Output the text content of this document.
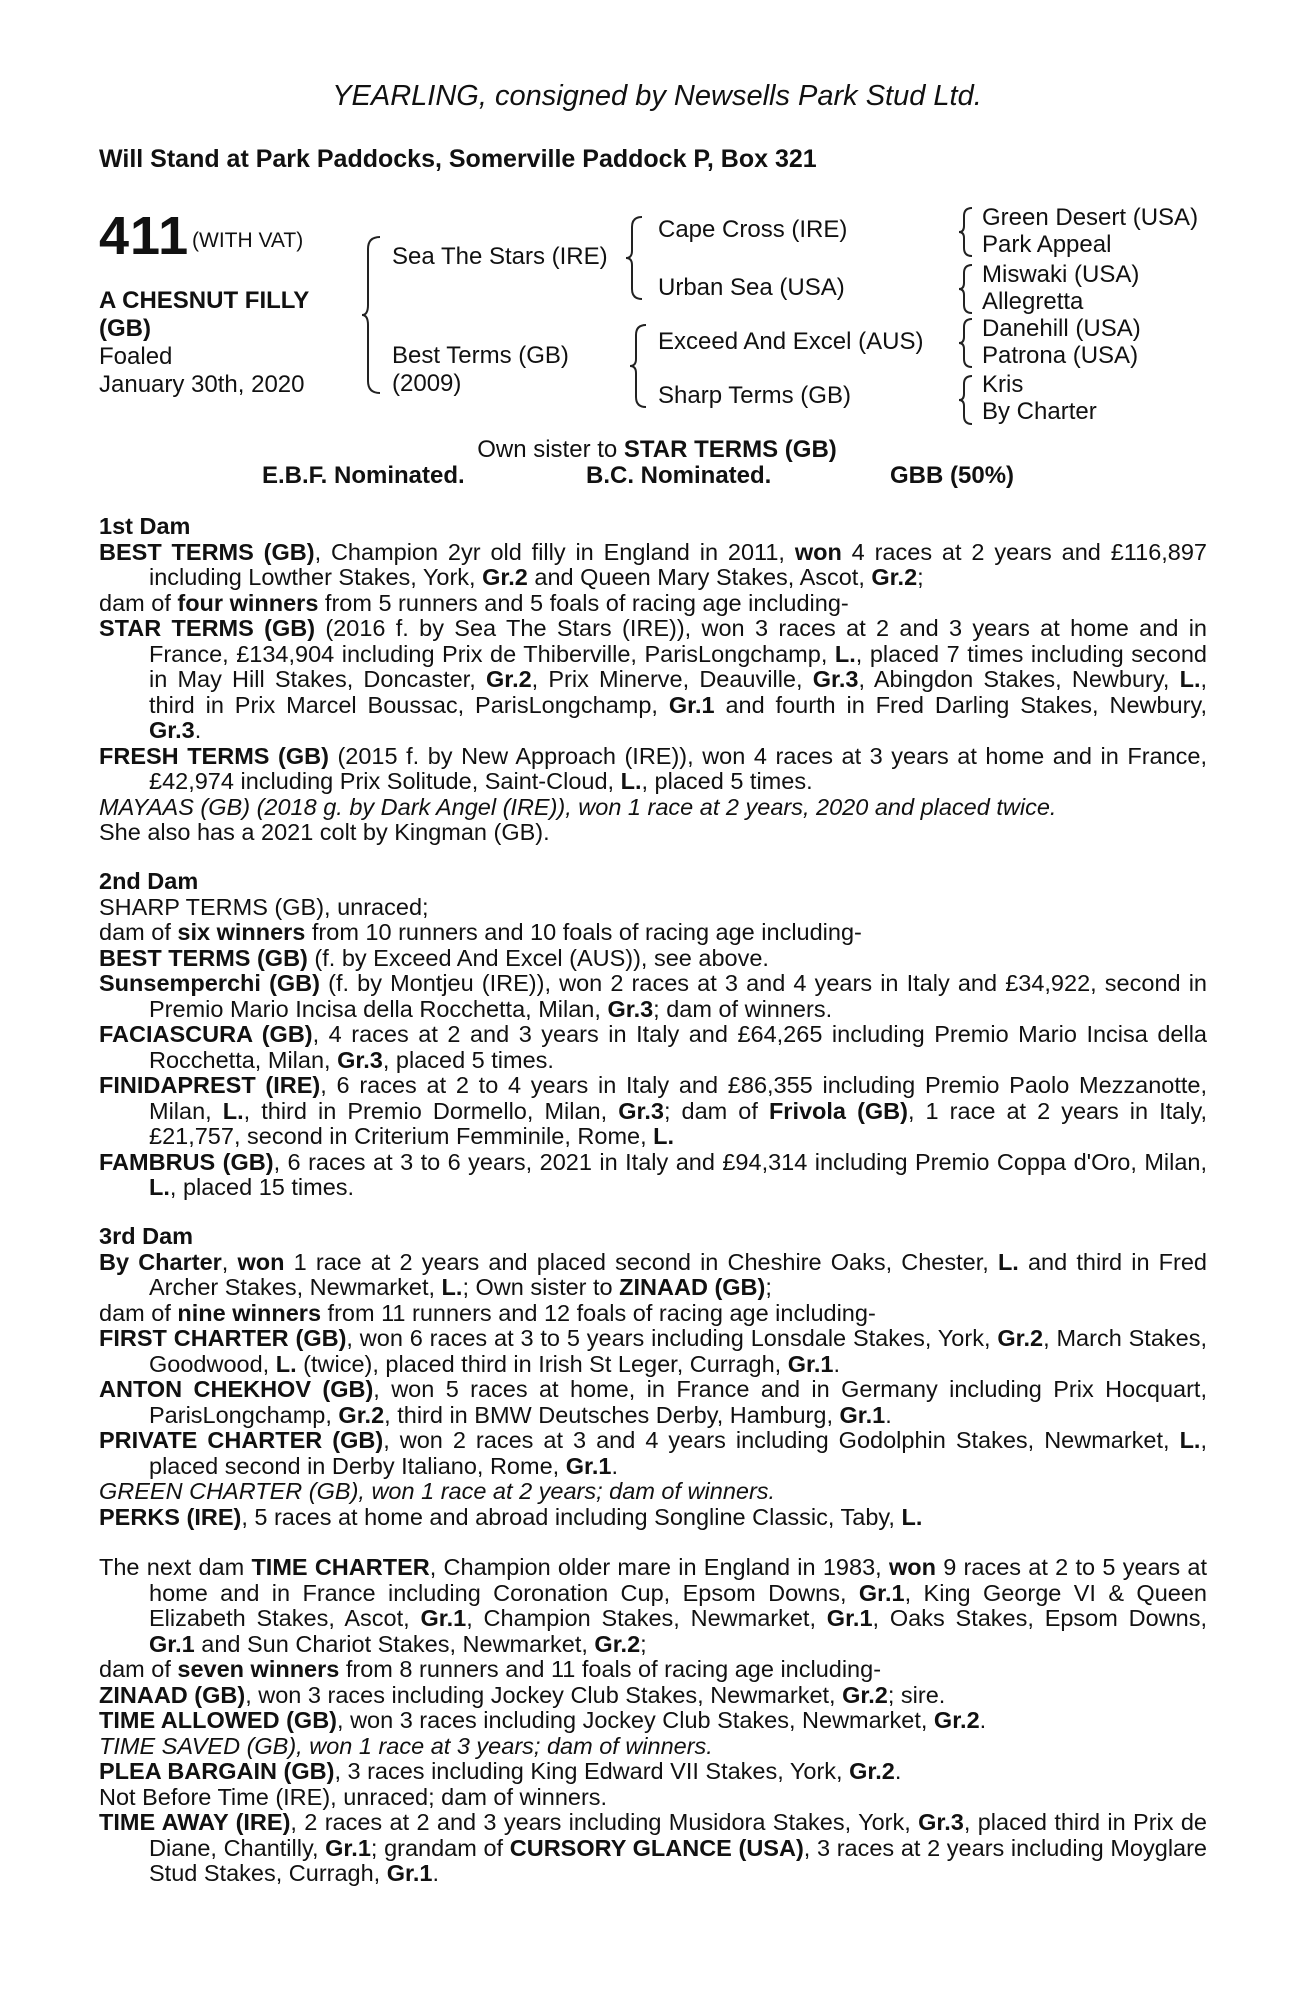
YEARLING, consigned by Newsells Park Stud Ltd.
Will Stand at Park Paddocks, Somerville Paddock P, Box 321
411 (WITH VAT)
A CHESNUT FILLY
(GB)
Foaled
January 30th, 2020
Sea The Stars (IRE)
Best Terms (GB)
(2009)
Cape Cross (IRE)
Urban Sea (USA)
Exceed And Excel (AUS)
Sharp Terms (GB)
Green Desert (USA)
Park Appeal
Miswaki (USA)
Allegretta
Danehill (USA)
Patrona (USA)
Kris
By Charter
Own sister to STAR TERMS (GB)
E.B.F. Nominated.	B.C. Nominated.	GBB (50%)

1st Dam

BEST TERMS (GB), Champion 2yr old filly in England in 2011, won 4 races at 2 years and £116,897 including Lowther Stakes, York, Gr.2 and Queen Mary Stakes, Ascot, Gr.2;

dam of four winners from 5 runners and 5 foals of racing age including-

STAR TERMS (GB) (2016 f. by Sea The Stars (IRE)), won 3 races at 2 and 3 years at home and in France, £134,904 including Prix de Thiberville, ParisLongchamp, L., placed 7 times including second in May Hill Stakes, Doncaster, Gr.2, Prix Minerve, Deauville, Gr.3, Abingdon Stakes, Newbury, L., third in Prix Marcel Boussac, ParisLongchamp, Gr.1 and fourth in Fred Darling Stakes, Newbury, Gr.3.

FRESH TERMS (GB) (2015 f. by New Approach (IRE)), won 4 races at 3 years at home and in France, £42,974 including Prix Solitude, Saint-Cloud, L., placed 5 times.

MAYAAS (GB) (2018 g. by Dark Angel (IRE)), won 1 race at 2 years, 2020 and placed twice.

She also has a 2021 colt by Kingman (GB).

2nd Dam

SHARP TERMS (GB), unraced;

dam of six winners from 10 runners and 10 foals of racing age including-

BEST TERMS (GB) (f. by Exceed And Excel (AUS)), see above.

Sunsemperchi (GB) (f. by Montjeu (IRE)), won 2 races at 3 and 4 years in Italy and £34,922, second in Premio Mario Incisa della Rocchetta, Milan, Gr.3; dam of winners.

FACIASCURA (GB), 4 races at 2 and 3 years in Italy and £64,265 including Premio Mario Incisa della Rocchetta, Milan, Gr.3, placed 5 times.

FINIDAPREST (IRE), 6 races at 2 to 4 years in Italy and £86,355 including Premio Paolo Mezzanotte, Milan, L., third in Premio Dormello, Milan, Gr.3; dam of Frivola (GB), 1 race at 2 years in Italy, £21,757, second in Criterium Femminile, Rome, L.

FAMBRUS (GB), 6 races at 3 to 6 years, 2021 in Italy and £94,314 including Premio Coppa d'Oro, Milan, L., placed 15 times.

3rd Dam

By Charter, won 1 race at 2 years and placed second in Cheshire Oaks, Chester, L. and third in Fred Archer Stakes, Newmarket, L.; Own sister to ZINAAD (GB);

dam of nine winners from 11 runners and 12 foals of racing age including-

FIRST CHARTER (GB), won 6 races at 3 to 5 years including Lonsdale Stakes, York, Gr.2, March Stakes, Goodwood, L. (twice), placed third in Irish St Leger, Curragh, Gr.1.

ANTON CHEKHOV (GB), won 5 races at home, in France and in Germany including Prix Hocquart, ParisLongchamp, Gr.2, third in BMW Deutsches Derby, Hamburg, Gr.1.

PRIVATE CHARTER (GB), won 2 races at 3 and 4 years including Godolphin Stakes, Newmarket, L., placed second in Derby Italiano, Rome, Gr.1.

GREEN CHARTER (GB), won 1 race at 2 years; dam of winners.

PERKS (IRE), 5 races at home and abroad including Songline Classic, Taby, L.

The next dam TIME CHARTER, Champion older mare in England in 1983, won 9 races at 2 to 5 years at home and in France including Coronation Cup, Epsom Downs, Gr.1, King George VI & Queen Elizabeth Stakes, Ascot, Gr.1, Champion Stakes, Newmarket, Gr.1, Oaks Stakes, Epsom Downs, Gr.1 and Sun Chariot Stakes, Newmarket, Gr.2;

dam of seven winners from 8 runners and 11 foals of racing age including-

ZINAAD (GB), won 3 races including Jockey Club Stakes, Newmarket, Gr.2; sire.

TIME ALLOWED (GB), won 3 races including Jockey Club Stakes, Newmarket, Gr.2.

TIME SAVED (GB), won 1 race at 3 years; dam of winners.

PLEA BARGAIN (GB), 3 races including King Edward VII Stakes, York, Gr.2.

Not Before Time (IRE), unraced; dam of winners.

TIME AWAY (IRE), 2 races at 2 and 3 years including Musidora Stakes, York, Gr.3, placed third in Prix de Diane, Chantilly, Gr.1; grandam of CURSORY GLANCE (USA), 3 races at 2 years including Moyglare Stud Stakes, Curragh, Gr.1.
